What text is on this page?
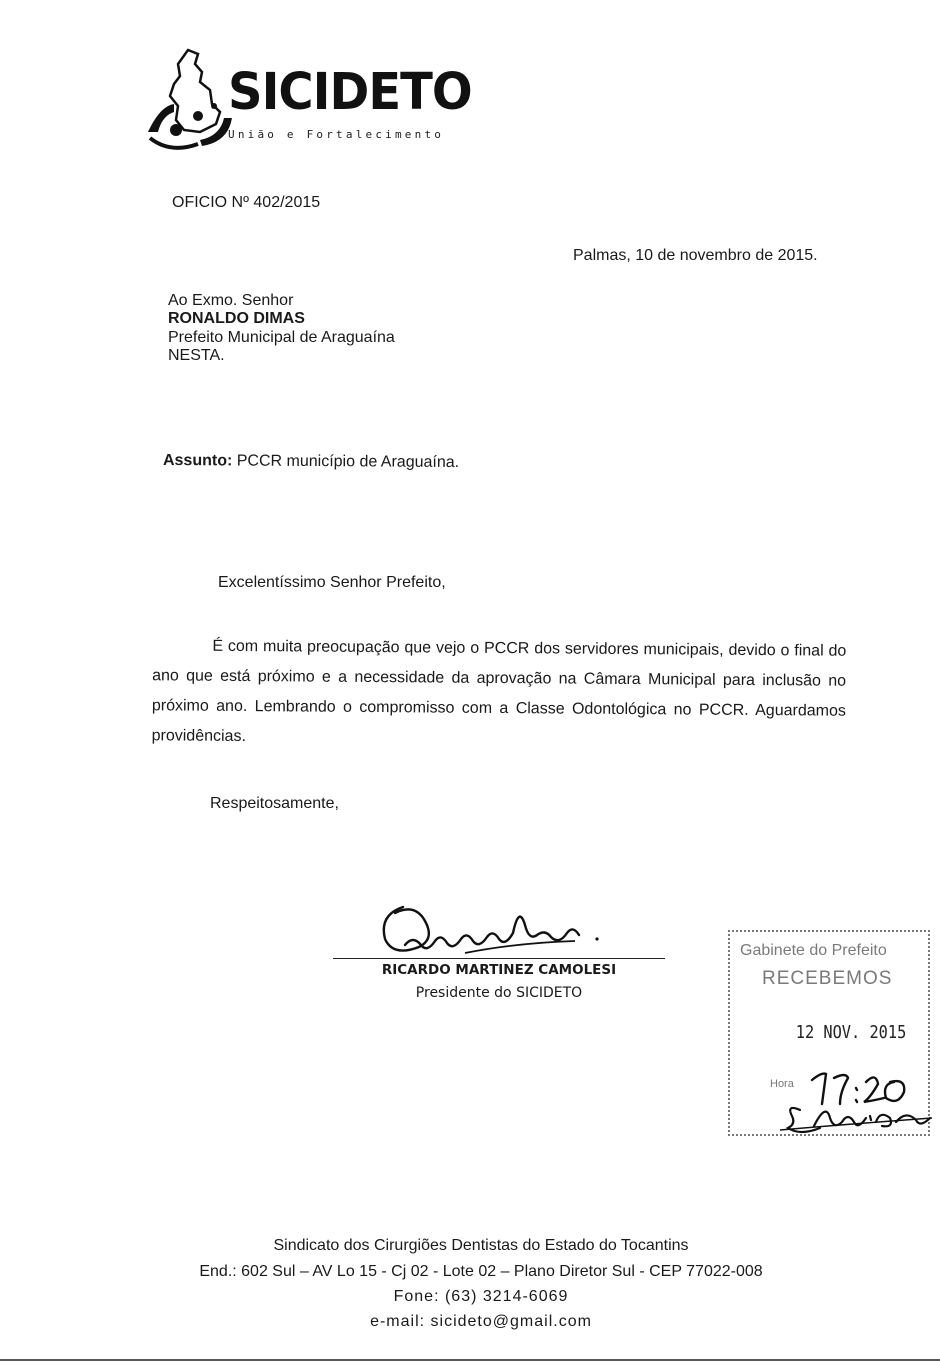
SICIDETO
União e Fortalecimento
OFICIO Nº 402/2015
Palmas, 10 de novembro de 2015.
Ao Exmo. Senhor
RONALDO DIMAS
Prefeito Municipal de Araguaína
NESTA.
Assunto: PCCR município de Araguaína.
Excelentíssimo Senhor Prefeito,
É com muita preocupação que vejo o PCCR dos servidores municipais, devido o final do ano que está próximo e a necessidade da aprovação na Câmara Municipal para inclusão no próximo ano. Lembrando o compromisso com a Classe Odontológica no PCCR. Aguardamos providências.
Respeitosamente,
RICARDO MARTINEZ CAMOLESI
Presidente do SICIDETO
Gabinete do Prefeito
RECEBEMOS
12 NOV. 2015
Hora
Sindicato dos Cirurgiões Dentistas do Estado do Tocantins
End.: 602 Sul – AV Lo 15 - Cj 02 - Lote 02 – Plano Diretor Sul - CEP 77022-008
Fone: (63) 3214-6069
e-mail: sicideto@gmail.com
